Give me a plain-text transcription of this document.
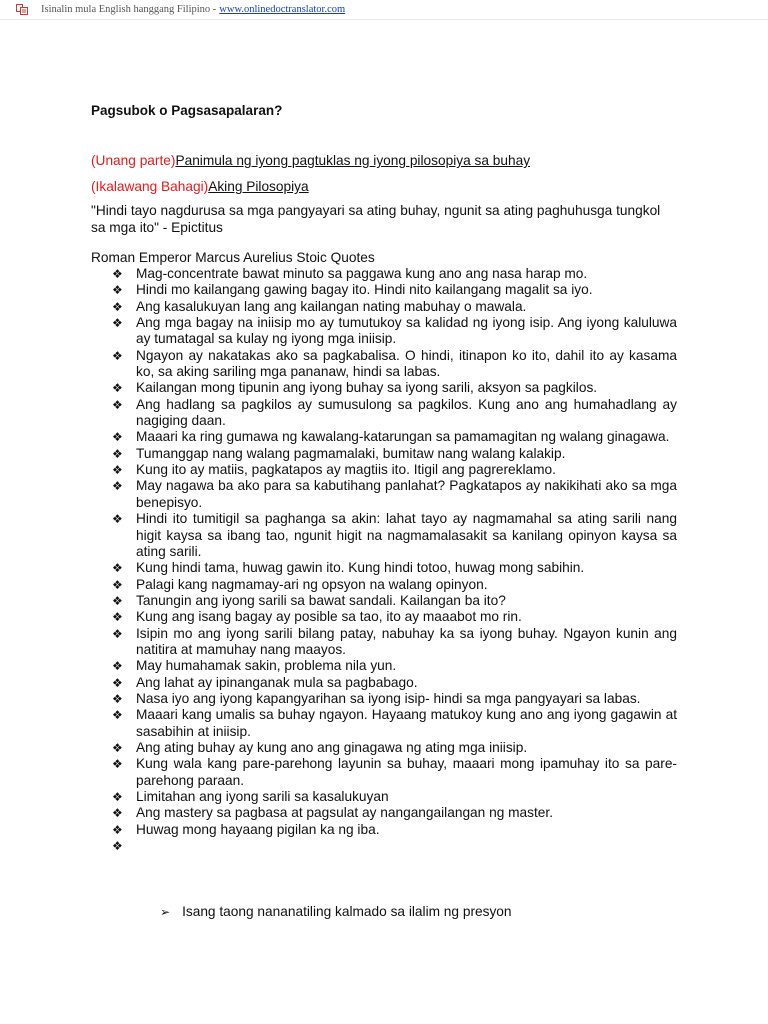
Isinalin mula English hanggang Filipino - www.onlinedoctranslator.com
Pagsubok o Pagsasapalaran?
(Unang parte)Panimula ng iyong pagtuklas ng iyong pilosopiya sa buhay
(Ikalawang Bahagi)Aking Pilosopiya
"Hindi tayo nagdurusa sa mga pangyayari sa ating buhay, ngunit sa ating paghuhusga tungkol sa mga ito" - Epictitus
Roman Emperor Marcus Aurelius Stoic Quotes
❖ Mag-concentrate bawat minuto sa paggawa kung ano ang nasa harap mo.
❖ Hindi mo kailangang gawing bagay ito. Hindi nito kailangang magalit sa iyo.
❖ Ang kasalukuyan lang ang kailangan nating mabuhay o mawala.
❖ Ang mga bagay na iniisip mo ay tumutukoy sa kalidad ng iyong isip. Ang iyong kaluluwa ay tumatagal sa kulay ng iyong mga iniisip.
❖ Ngayon ay nakatakas ako sa pagkabalisa. O hindi, itinapon ko ito, dahil ito ay kasama ko, sa aking sariling mga pananaw, hindi sa labas.
❖ Kailangan mong tipunin ang iyong buhay sa iyong sarili, aksyon sa pagkilos.
❖ Ang hadlang sa pagkilos ay sumusulong sa pagkilos. Kung ano ang humahadlang ay nagiging daan.
❖ Maaari ka ring gumawa ng kawalang-katarungan sa pamamagitan ng walang ginagawa.
❖ Tumanggap nang walang pagmamalaki, bumitaw nang walang kalakip.
❖ Kung ito ay matiis, pagkatapos ay magtiis ito. Itigil ang pagrereklamo.
❖ May nagawa ba ako para sa kabutihang panlahat? Pagkatapos ay nakikihati ako sa mga benepisyo.
❖ Hindi ito tumitigil sa paghanga sa akin: lahat tayo ay nagmamahal sa ating sarili nang higit kaysa sa ibang tao, ngunit higit na nagmamalasakit sa kanilang opinyon kaysa sa ating sarili.
❖ Kung hindi tama, huwag gawin ito. Kung hindi totoo, huwag mong sabihin.
❖ Palagi kang nagmamay-ari ng opsyon na walang opinyon.
❖ Tanungin ang iyong sarili sa bawat sandali. Kailangan ba ito?
❖ Kung ang isang bagay ay posible sa tao, ito ay maaabot mo rin.
❖ Isipin mo ang iyong sarili bilang patay, nabuhay ka sa iyong buhay. Ngayon kunin ang natitira at mamuhay nang maayos.
❖ May humahamak sakin, problema nila yun.
❖ Ang lahat ay ipinanganak mula sa pagbabago.
❖ Nasa iyo ang iyong kapangyarihan sa iyong isip- hindi sa mga pangyayari sa labas.
❖ Maaari kang umalis sa buhay ngayon. Hayaang matukoy kung ano ang iyong gagawin at sasabihin at iniisip.
❖ Ang ating buhay ay kung ano ang ginagawa ng ating mga iniisip.
❖ Kung wala kang pare-parehong layunin sa buhay, maaari mong ipamuhay ito sa pare-parehong paraan.
❖ Limitahan ang iyong sarili sa kasalukuyan
❖ Ang mastery sa pagbasa at pagsulat ay nangangailangan ng master.
❖ Huwag mong hayaang pigilan ka ng iba.
❖
➢ Isang taong nananatiling kalmado sa ilalim ng presyon
